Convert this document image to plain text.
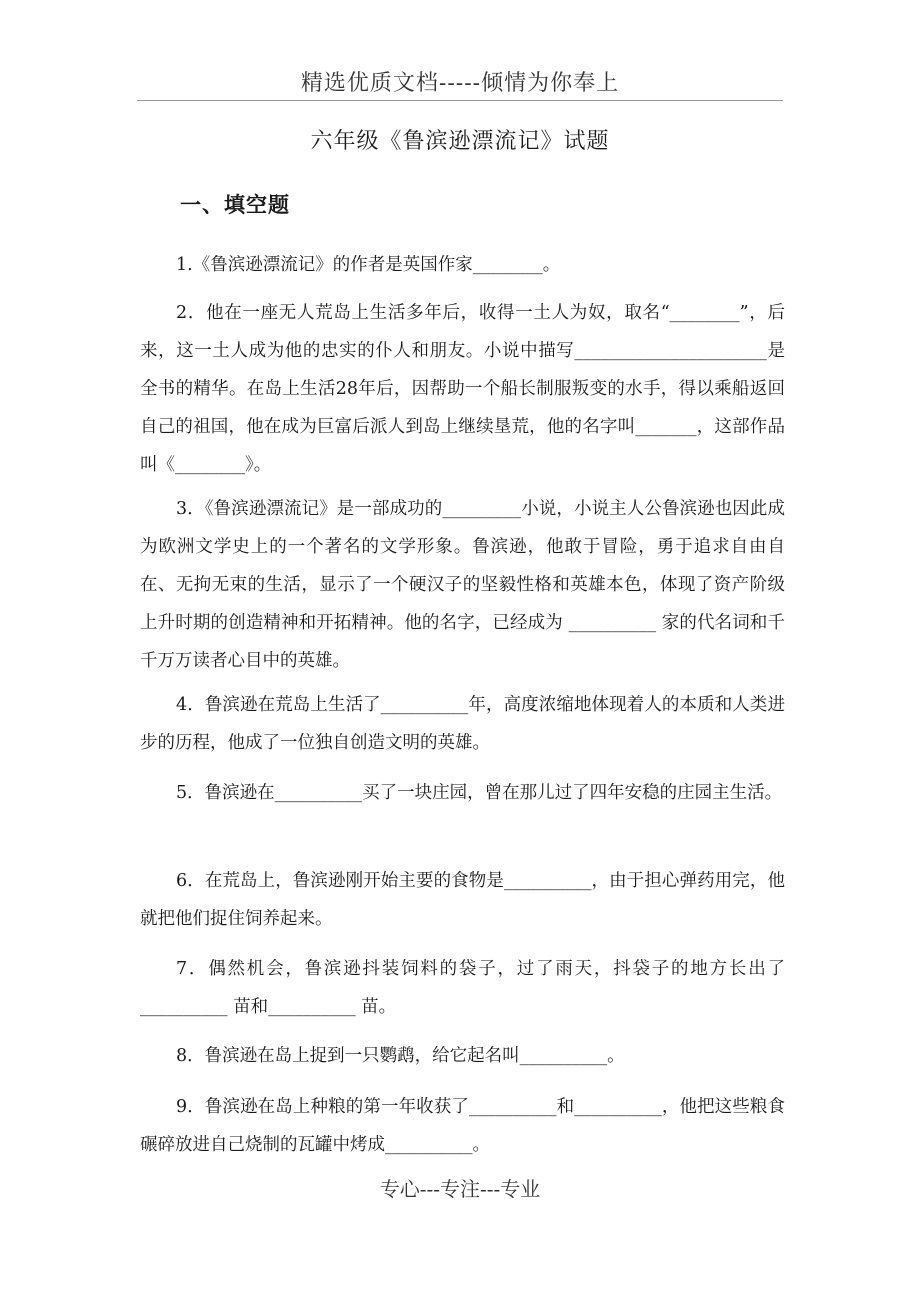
精选优质文档-----倾情为你奉上
六年级《鲁滨逊漂流记》试题
一、填空题

1.《鲁滨逊漂流记》的作者是英国作家________。

2．他在一座无人荒岛上生活多年后，收得一土人为奴，取名“________”，后来，这一土人成为他的忠实的仆人和朋友。小说中描写______________________是全书的精华。在岛上生活28年后，因帮助一个船长制服叛变的水手，得以乘船返回自己的祖国，他在成为巨富后派人到岛上继续垦荒，他的名字叫_______，这部作品叫《________》。

3．《鲁滨逊漂流记》是一部成功的_________小说，小说主人公鲁滨逊也因此成为欧洲文学史上的一个著名的文学形象。鲁滨逊，他敢于冒险，勇于追求自由自在、无拘无束的生活，显示了一个硬汉子的坚毅性格和英雄本色，体现了资产阶级上升时期的创造精神和开拓精神。他的名字，已经成为 __________ 家的代名词和千千万万读者心目中的英雄。

4．鲁滨逊在荒岛上生活了__________年，高度浓缩地体现着人的本质和人类进步的历程，他成了一位独自创造文明的英雄。

5．鲁滨逊在__________买了一块庄园，曾在那儿过了四年安稳的庄园主生活。

6．在荒岛上，鲁滨逊刚开始主要的食物是__________，由于担心弹药用完，他就把他们捉住饲养起来。

7．偶然机会，鲁滨逊抖装饲料的袋子，过了雨天，抖袋子的地方长出了__________ 苗和__________ 苗。

8．鲁滨逊在岛上捉到一只鹦鹉，给它起名叫__________。

9．鲁滨逊在岛上种粮的第一年收获了__________和__________，他把这些粮食碾碎放进自己烧制的瓦罐中烤成__________。

专心---专注---专业
